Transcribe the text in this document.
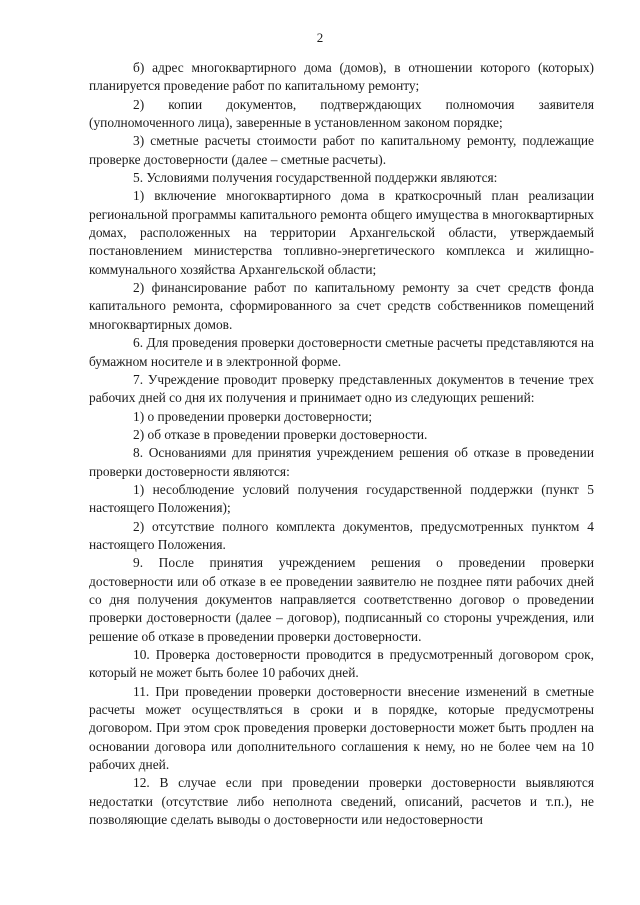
2

б) адрес многоквартирного дома (домов), в отношении которого (которых) планируется проведение работ по капитальному ремонту;

2) копии документов, подтверждающих полномочия заявителя (уполномоченного лица), заверенные в установленном законом порядке;

3) сметные расчеты стоимости работ по капитальному ремонту, подлежащие проверке достоверности (далее – сметные расчеты).

5. Условиями получения государственной поддержки являются:

1) включение многоквартирного дома в краткосрочный план реализации региональной программы капитального ремонта общего имущества в многоквартирных домах, расположенных на территории Архангельской области, утверждаемый постановлением министерства топливно-энергетического комплекса и жилищно-коммунального хозяйства Архангельской области;

2) финансирование работ по капитальному ремонту за счет средств фонда капитального ремонта, сформированного за счет средств собственников помещений многоквартирных домов.

6. Для проведения проверки достоверности сметные расчеты представляются на бумажном носителе и в электронной форме.

7. Учреждение проводит проверку представленных документов в течение трех рабочих дней со дня их получения и принимает одно из следующих решений:

1) о проведении проверки достоверности;

2) об отказе в проведении проверки достоверности.

8. Основаниями для принятия учреждением решения об отказе в проведении проверки достоверности являются:

1) несоблюдение условий получения государственной поддержки (пункт 5 настоящего Положения);

2) отсутствие полного комплекта документов, предусмотренных пунктом 4 настоящего Положения.

9. После принятия учреждением решения о проведении проверки достоверности или об отказе в ее проведении заявителю не позднее пяти рабочих дней со дня получения документов направляется соответственно договор о проведении проверки достоверности (далее – договор), подписанный со стороны учреждения, или решение об отказе в проведении проверки достоверности.

10. Проверка достоверности проводится в предусмотренный договором срок, который не может быть более 10 рабочих дней.

11. При проведении проверки достоверности внесение изменений в сметные расчеты может осуществляться в сроки и в порядке, которые предусмотрены договором. При этом срок проведения проверки достоверности может быть продлен на основании договора или дополнительного соглашения к нему, но не более чем на 10 рабочих дней.

12. В случае если при проведении проверки достоверности выявляются недостатки (отсутствие либо неполнота сведений, описаний, расчетов и т.п.), не позволяющие сделать выводы о достоверности или недостоверности
